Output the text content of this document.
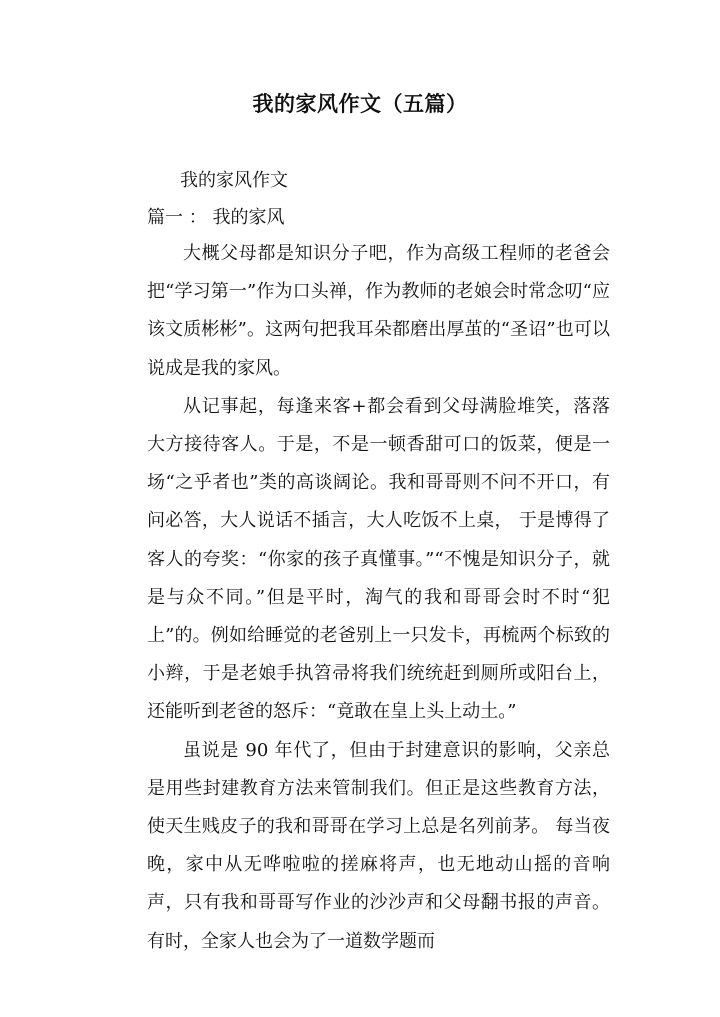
我的家风作文（五篇）
我的家风作文
篇一 ： 我的家风

大概父母都是知识分子吧，作为高级工程师的老爸会把“学习第一”作为口头禅，作为教师的老娘会时常念叨“应该文质彬彬”。这两句把我耳朵都磨出厚茧的“圣诏”也可以说成是我的家风。

从记事起，每逢来客+都会看到父母满脸堆笑，落落大方接待客人。于是，不是一顿香甜可口的饭菜，便是一场“之乎者也”类的高谈阔论。我和哥哥则不问不开口，有问必答，大人说话不插言，大人吃饭不上桌， 于是博得了客人的夸奖：“你家的孩子真懂事。”“不愧是知识分子，就是与众不同。”但是平时，淘气的我和哥哥会时不时“犯上”的。例如给睡觉的老爸别上一只发卡，再梳两个标致的小辫，于是老娘手执笤帚将我们统统赶到厕所或阳台上，还能听到老爸的怒斥：“竟敢在皇上头上动土。”

虽说是 90 年代了，但由于封建意识的影响，父亲总是用些封建教育方法来管制我们。但正是这些教育方法，使天生贱皮子的我和哥哥在学习上总是名列前茅。 每当夜晚，家中从无哗啦啦的搓麻将声，也无地动山摇的音响声，只有我和哥哥写作业的沙沙声和父母翻书报的声音。有时，全家人也会为了一道数学题而
